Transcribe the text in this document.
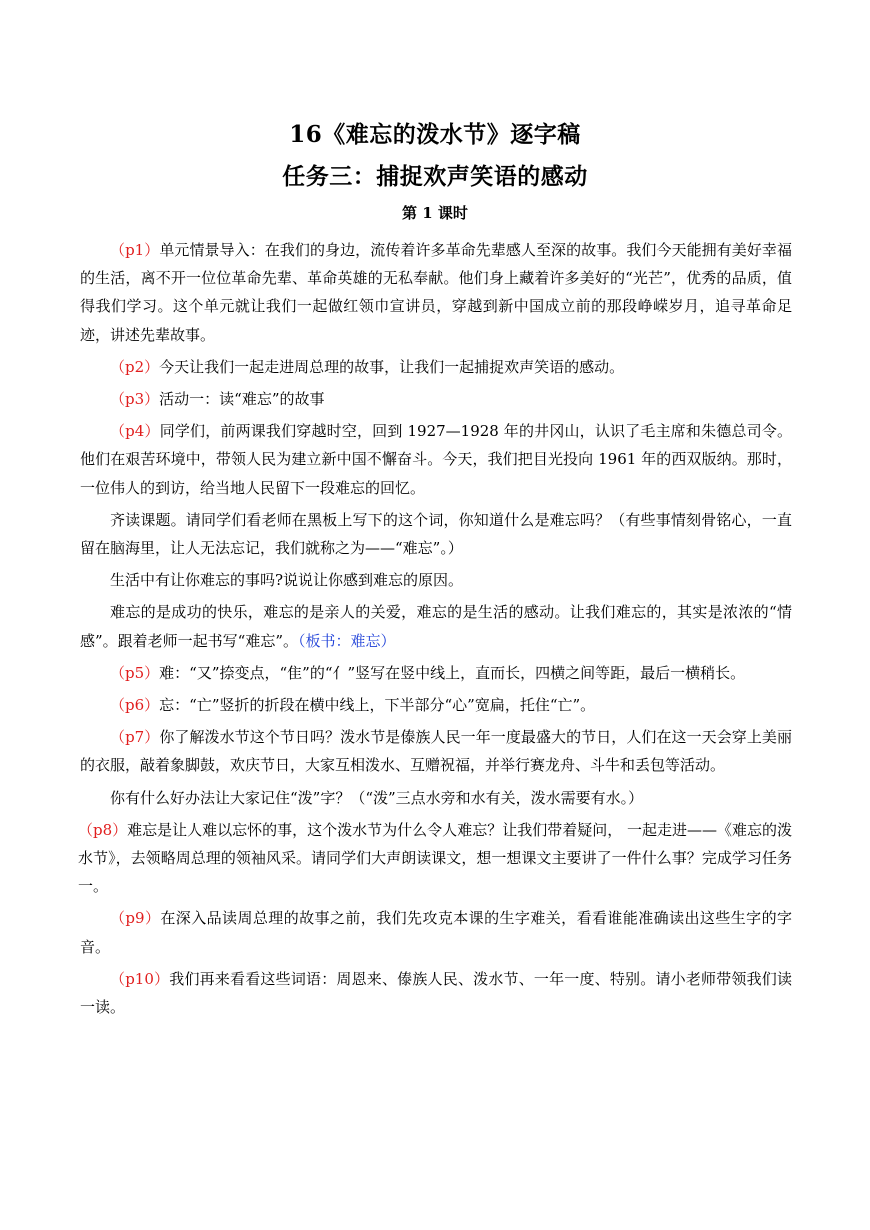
16《难忘的泼水节》逐字稿
任务三：捕捉欢声笑语的感动
第 1 课时

（p1）单元情景导入：在我们的身边，流传着许多革命先辈感人至深的故事。我们今天能拥有美好幸福的生活，离不开一位位革命先辈、革命英雄的无私奉献。他们身上藏着许多美好的“光芒”，优秀的品质，值得我们学习。这个单元就让我们一起做红领巾宣讲员，穿越到新中国成立前的那段峥嵘岁月，追寻革命足迹，讲述先辈故事。

（p2）今天让我们一起走进周总理的故事，让我们一起捕捉欢声笑语的感动。

（p3）活动一：读“难忘”的故事

（p4）同学们，前两课我们穿越时空，回到 1927—1928 年的井冈山，认识了毛主席和朱德总司令。他们在艰苦环境中，带领人民为建立新中国不懈奋斗。今天，我们把目光投向 1961 年的西双版纳。那时， 一位伟人的到访，给当地人民留下一段难忘的回忆。

齐读课题。请同学们看老师在黑板上写下的这个词，你知道什么是难忘吗？（有些事情刻骨铭心，一直留在脑海里，让人无法忘记，我们就称之为——“难忘”。）

生活中有让你难忘的事吗?说说让你感到难忘的原因。

难忘的是成功的快乐，难忘的是亲人的关爱，难忘的是生活的感动。让我们难忘的，其实是浓浓的“情感”。跟着老师一起书写“难忘”。（板书：难忘）

（p5）难：“又”捺变点，“隹”的“亻”竖写在竖中线上，直而长，四横之间等距，最后一横稍长。

（p6）忘：“亡”竖折的折段在横中线上，下半部分“心”宽扁，托住“亡”。

（p7）你了解泼水节这个节日吗？泼水节是傣族人民一年一度最盛大的节日，人们在这一天会穿上美丽的衣服，敲着象脚鼓，欢庆节日，大家互相泼水、互赠祝福，并举行赛龙舟、斗牛和丢包等活动。

你有什么好办法让大家记住“泼”字？（“泼”三点水旁和水有关，泼水需要有水。）

（p8）难忘是让人难以忘怀的事，这个泼水节为什么令人难忘？让我们带着疑问， 一起走进——《难忘的泼水节》，去领略周总理的领袖风采。请同学们大声朗读课文，想一想课文主要讲了一件什么事？完成学习任务一。

（p9）在深入品读周总理的故事之前，我们先攻克本课的生字难关，看看谁能准确读出这些生字的字音。

（p10）我们再来看看这些词语：周恩来、傣族人民、泼水节、一年一度、特别。请小老师带领我们读一读。
